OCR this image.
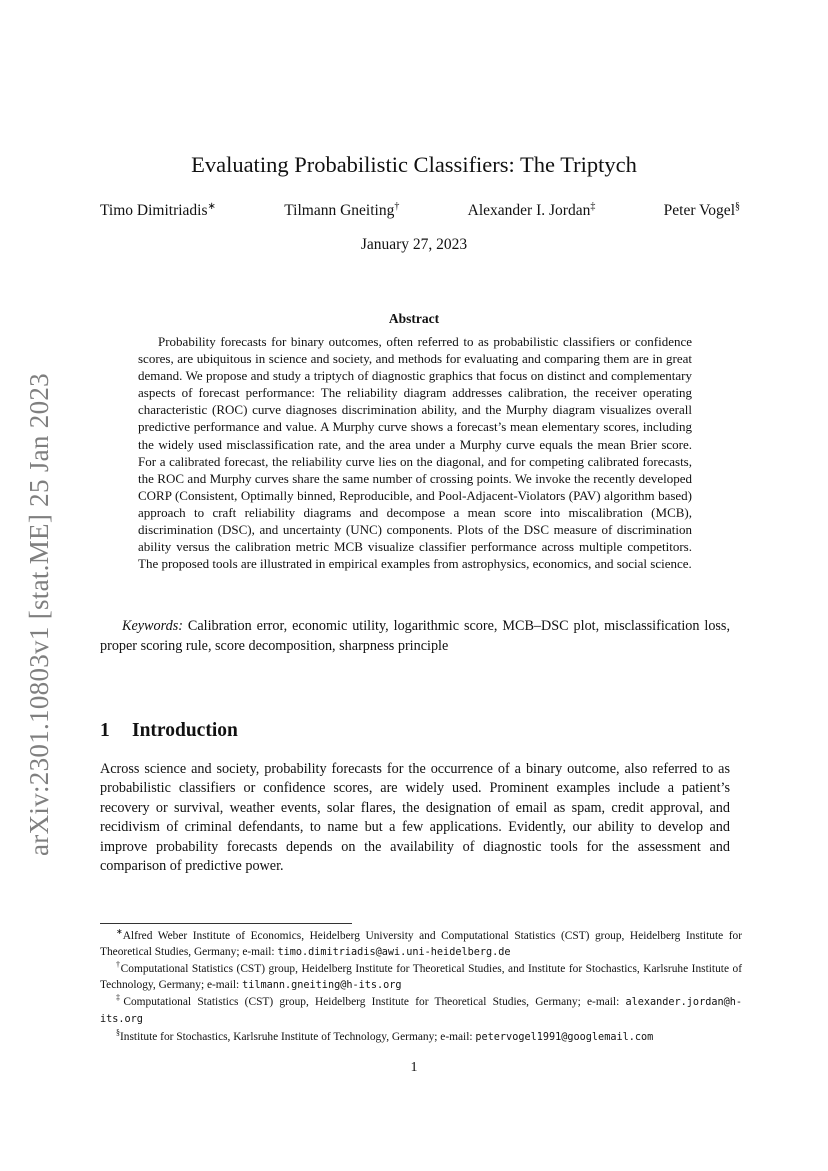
arXiv:2301.10803v1 [stat.ME] 25 Jan 2023
Evaluating Probabilistic Classifiers: The Triptych
Timo Dimitriadis∗	Tilmann Gneiting†	Alexander I. Jordan‡	Peter Vogel§
January 27, 2023
Abstract

Probability forecasts for binary outcomes, often referred to as probabilistic classifiers or confidence scores, are ubiquitous in science and society, and methods for evaluating and comparing them are in great demand. We propose and study a triptych of diagnostic graphics that focus on distinct and complementary aspects of forecast performance: The reliability diagram addresses calibration, the receiver operating characteristic (ROC) curve diagnoses discrimination ability, and the Murphy diagram visualizes overall predictive performance and value. A Murphy curve shows a forecast’s mean elementary scores, including the widely used misclassification rate, and the area under a Murphy curve equals the mean Brier score. For a calibrated forecast, the reliability curve lies on the diagonal, and for competing calibrated forecasts, the ROC and Murphy curves share the same number of crossing points. We invoke the recently developed CORP (Consistent, Optimally binned, Reproducible, and Pool-Adjacent-Violators (PAV) algorithm based) approach to craft reliability diagrams and decompose a mean score into miscalibration (MCB), discrimination (DSC), and uncertainty (UNC) components. Plots of the DSC measure of discrimination ability versus the calibration metric MCB visualize classifier performance across multiple competitors. The proposed tools are illustrated in empirical examples from astrophysics, economics, and social science.

Keywords: Calibration error, economic utility, logarithmic score, MCB–DSC plot, misclassification loss, proper scoring rule, score decomposition, sharpness principle

1 Introduction

Across science and society, probability forecasts for the occurrence of a binary outcome, also referred to as probabilistic classifiers or confidence scores, are widely used. Prominent examples include a patient’s recovery or survival, weather events, solar flares, the designation of email as spam, credit approval, and recidivism of criminal defendants, to name but a few applications. Evidently, our ability to develop and improve probability forecasts depends on the availability of diagnostic tools for the assessment and comparison of predictive power.

∗Alfred Weber Institute of Economics, Heidelberg University and Computational Statistics (CST) group, Heidelberg Institute for Theoretical Studies, Germany; e-mail: timo.dimitriadis@awi.uni-heidelberg.de

†Computational Statistics (CST) group, Heidelberg Institute for Theoretical Studies, and Institute for Stochastics, Karlsruhe Institute of Technology, Germany; e-mail: tilmann.gneiting@h-its.org

‡Computational Statistics (CST) group, Heidelberg Institute for Theoretical Studies, Germany; e-mail: alexander.jordan@h-its.org

§Institute for Stochastics, Karlsruhe Institute of Technology, Germany; e-mail: petervogel1991@googlemail.com

1
